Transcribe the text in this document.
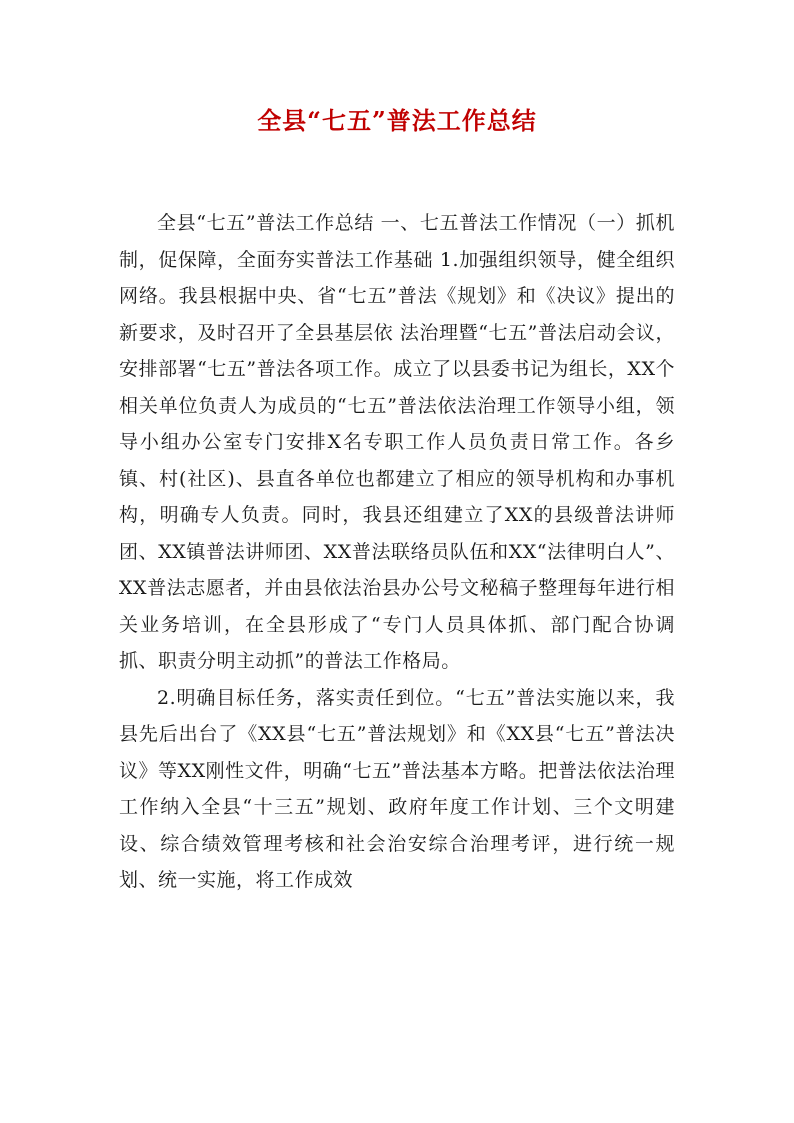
全县“七五”普法工作总结

全县“七五”普法工作总结 一、七五普法工作情况（一）抓机制，促保障，全面夯实普法工作基础 1.加强组织领导，健全组织网络。我县根据中央、省“七五”普法《规划》和《决议》提出的新要求，及时召开了全县基层依 法治理暨“七五”普法启动会议，安排部署“七五”普法各项工作。成立了以县委书记为组长，XX个相关单位负责人为成员的“七五”普法依法治理工作领导小组，领导小组办公室专门安排X名专职工作人员负责日常工作。各乡镇、村(社区)、县直各单位也都建立了相应的领导机构和办事机构，明确专人负责。同时，我县还组建立了XX的县级普法讲师团、XX镇普法讲师团、XX普法联络员队伍和XX“法律明白人”、XX普法志愿者，并由县依法治县办公号文秘稿子整理每年进行相关业务培训，在全县形成了“专门人员具体抓、部门配合协调抓、职责分明主动抓”的普法工作格局。

2.明确目标任务，落实责任到位。“七五”普法实施以来，我县先后出台了《XX县“七五”普法规划》和《XX县“七五”普法决议》等XX刚性文件，明确“七五”普法基本方略。把普法依法治理工作纳入全县“十三五”规划、政府年度工作计划、三个文明建设、综合绩效管理考核和社会治安综合治理考评，进行统一规划、统一实施，将工作成效
